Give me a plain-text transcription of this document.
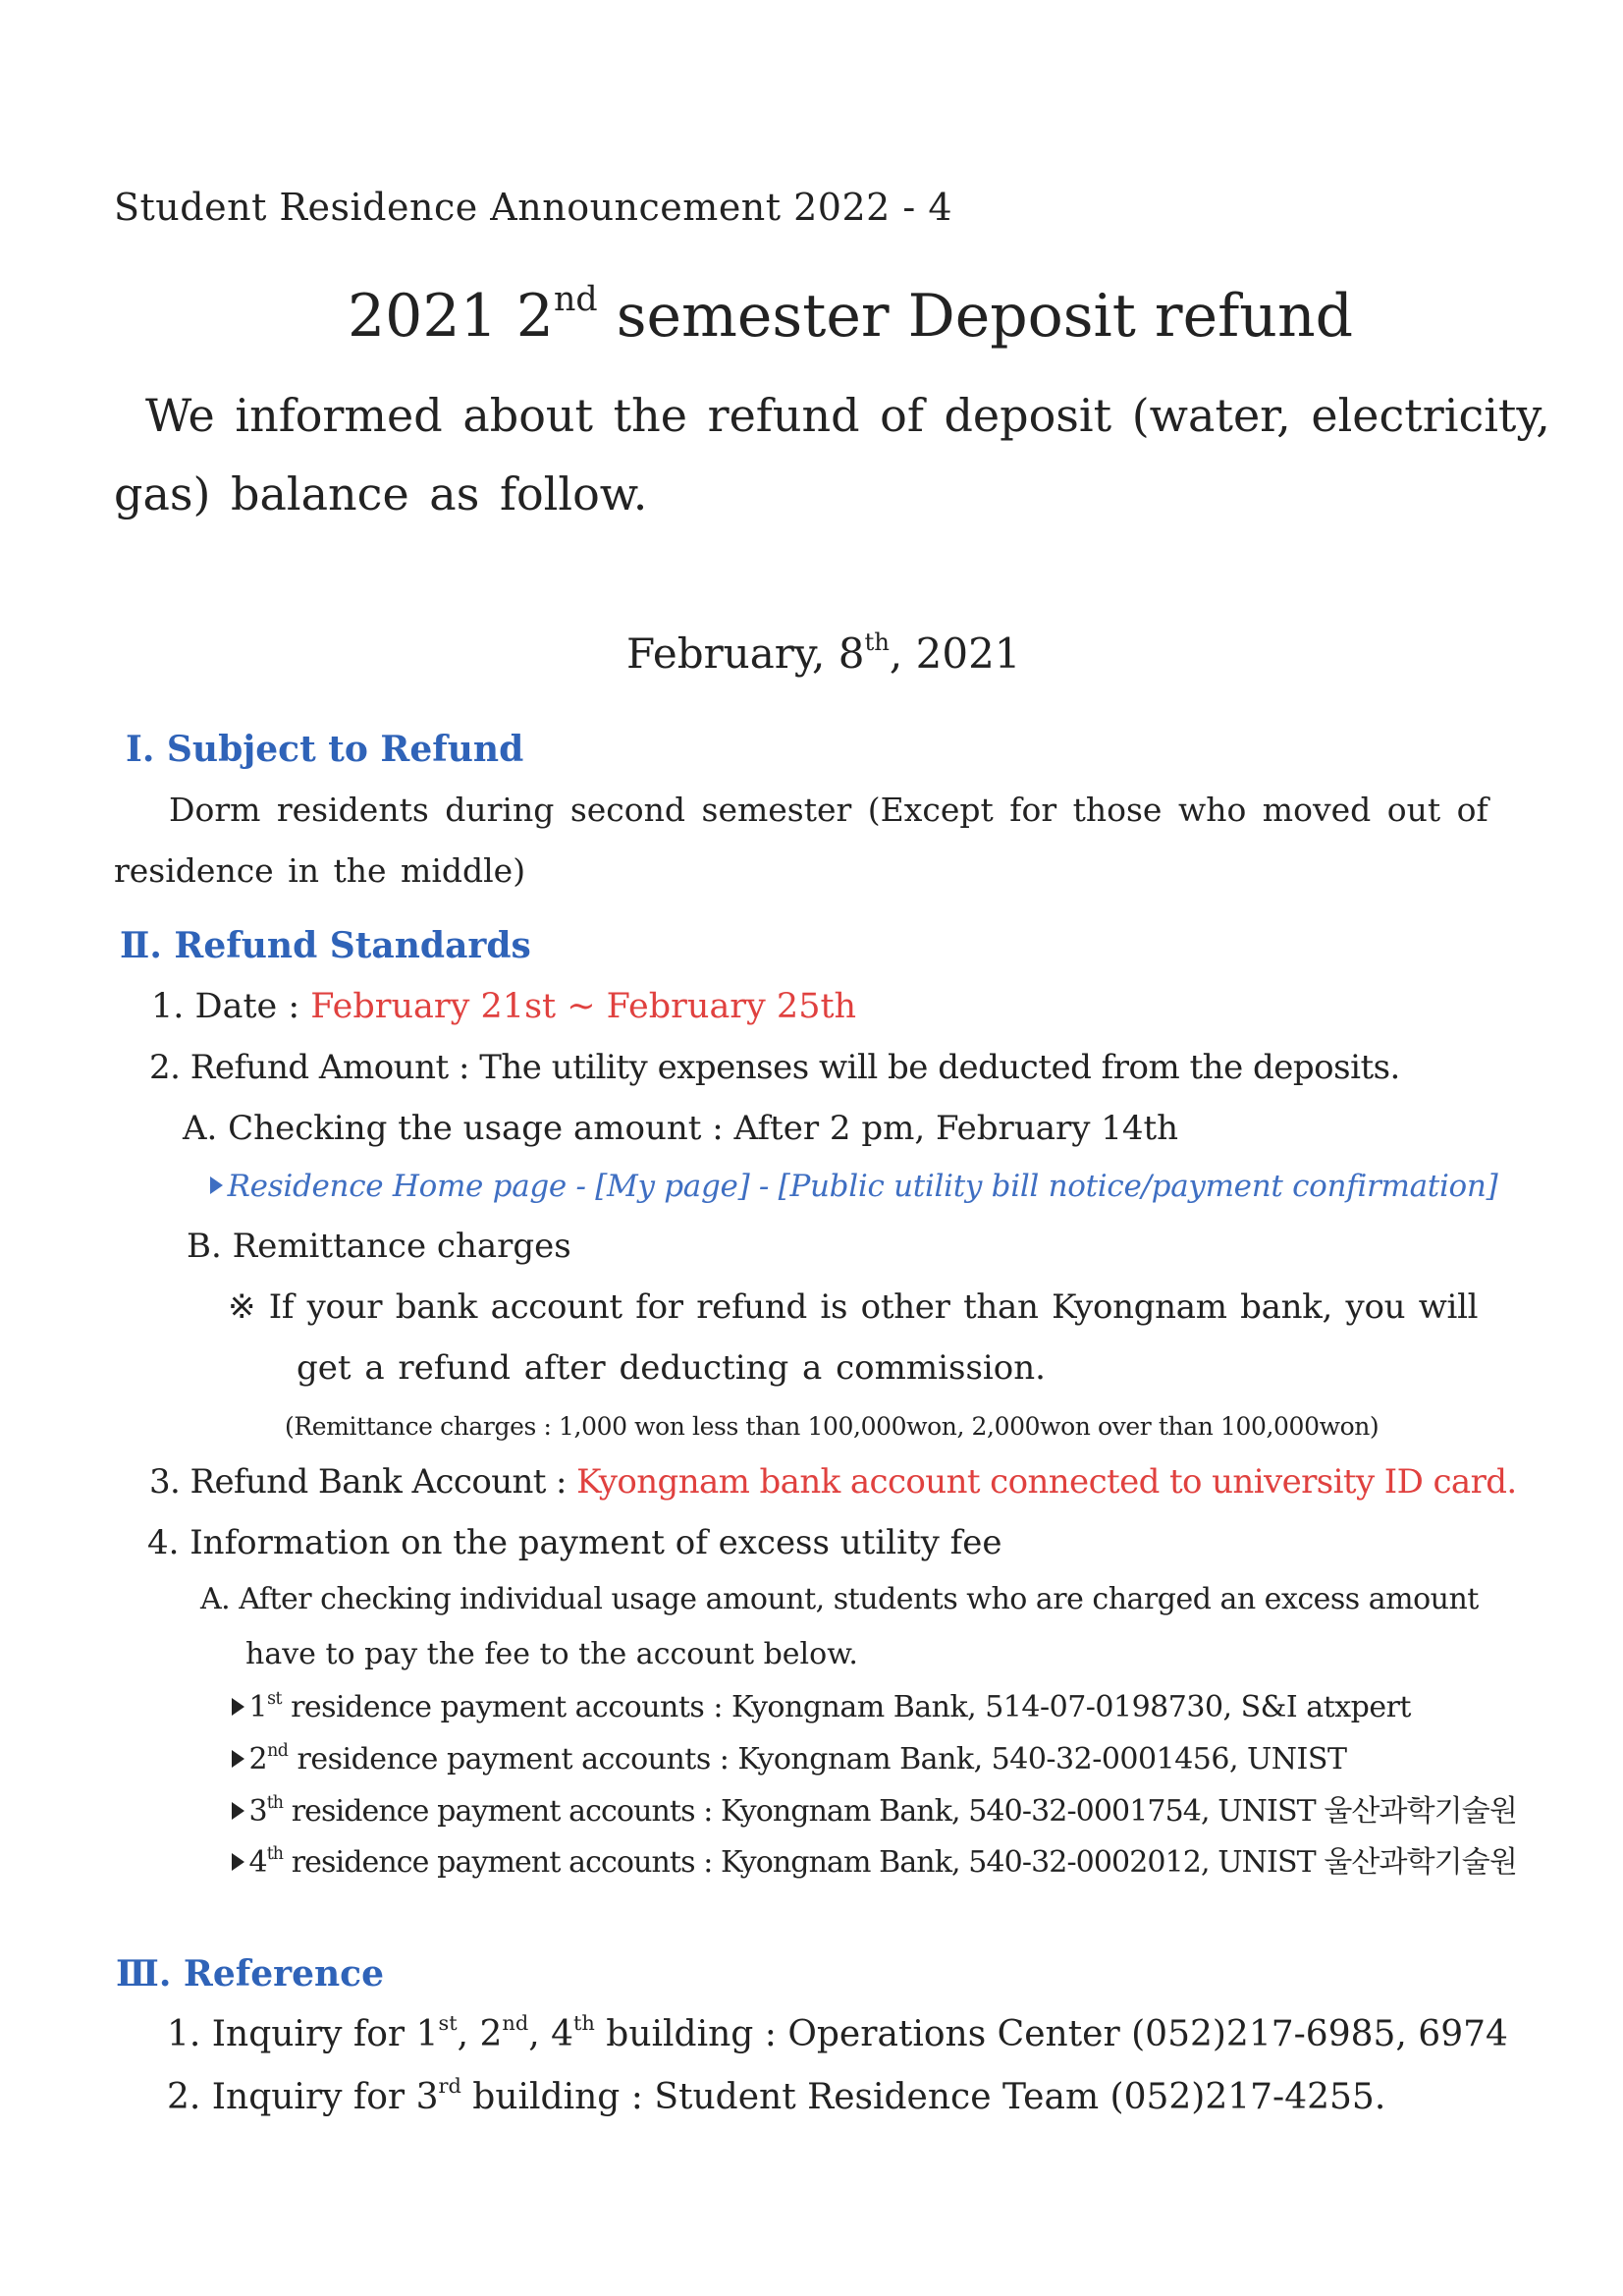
Student Residence Announcement 2022 - 4
2021 2nd semester Deposit refund
We informed about the refund of deposit (water, electricity,
gas) balance as follow.
February, 8th, 2021
Ⅰ. Subject to Refund
Dorm residents during second semester (Except for those who moved out of
residence in the middle)
Ⅱ. Refund Standards
1. Date : February 21st ~ February 25th
2. Refund Amount : The utility expenses will be deducted from the deposits.
A. Checking the usage amount : After 2 pm, February 14th
Residence Home page - [My page] - [Public utility bill notice/payment confirmation]
B. Remittance charges
※ If your bank account for refund is other than Kyongnam bank, you will
get a refund after deducting a commission.
(Remittance charges : 1,000 won less than 100,000won, 2,000won over than 100,000won)
3. Refund Bank Account : Kyongnam bank account connected to university ID card.
4. Information on the payment of excess utility fee
A. After checking individual usage amount, students who are charged an excess amount
have to pay the fee to the account below.
1st residence payment accounts : Kyongnam Bank, 514-07-0198730, S&I atxpert
2nd residence payment accounts : Kyongnam Bank, 540-32-0001456, UNIST
3th residence payment accounts : Kyongnam Bank, 540-32-0001754, UNIST 울산과학기술원
4th residence payment accounts : Kyongnam Bank, 540-32-0002012, UNIST 울산과학기술원
Ⅲ. Reference
1. Inquiry for 1st, 2nd, 4th building : Operations Center (052)217-6985, 6974
2. Inquiry for 3rd building : Student Residence Team (052)217-4255.
